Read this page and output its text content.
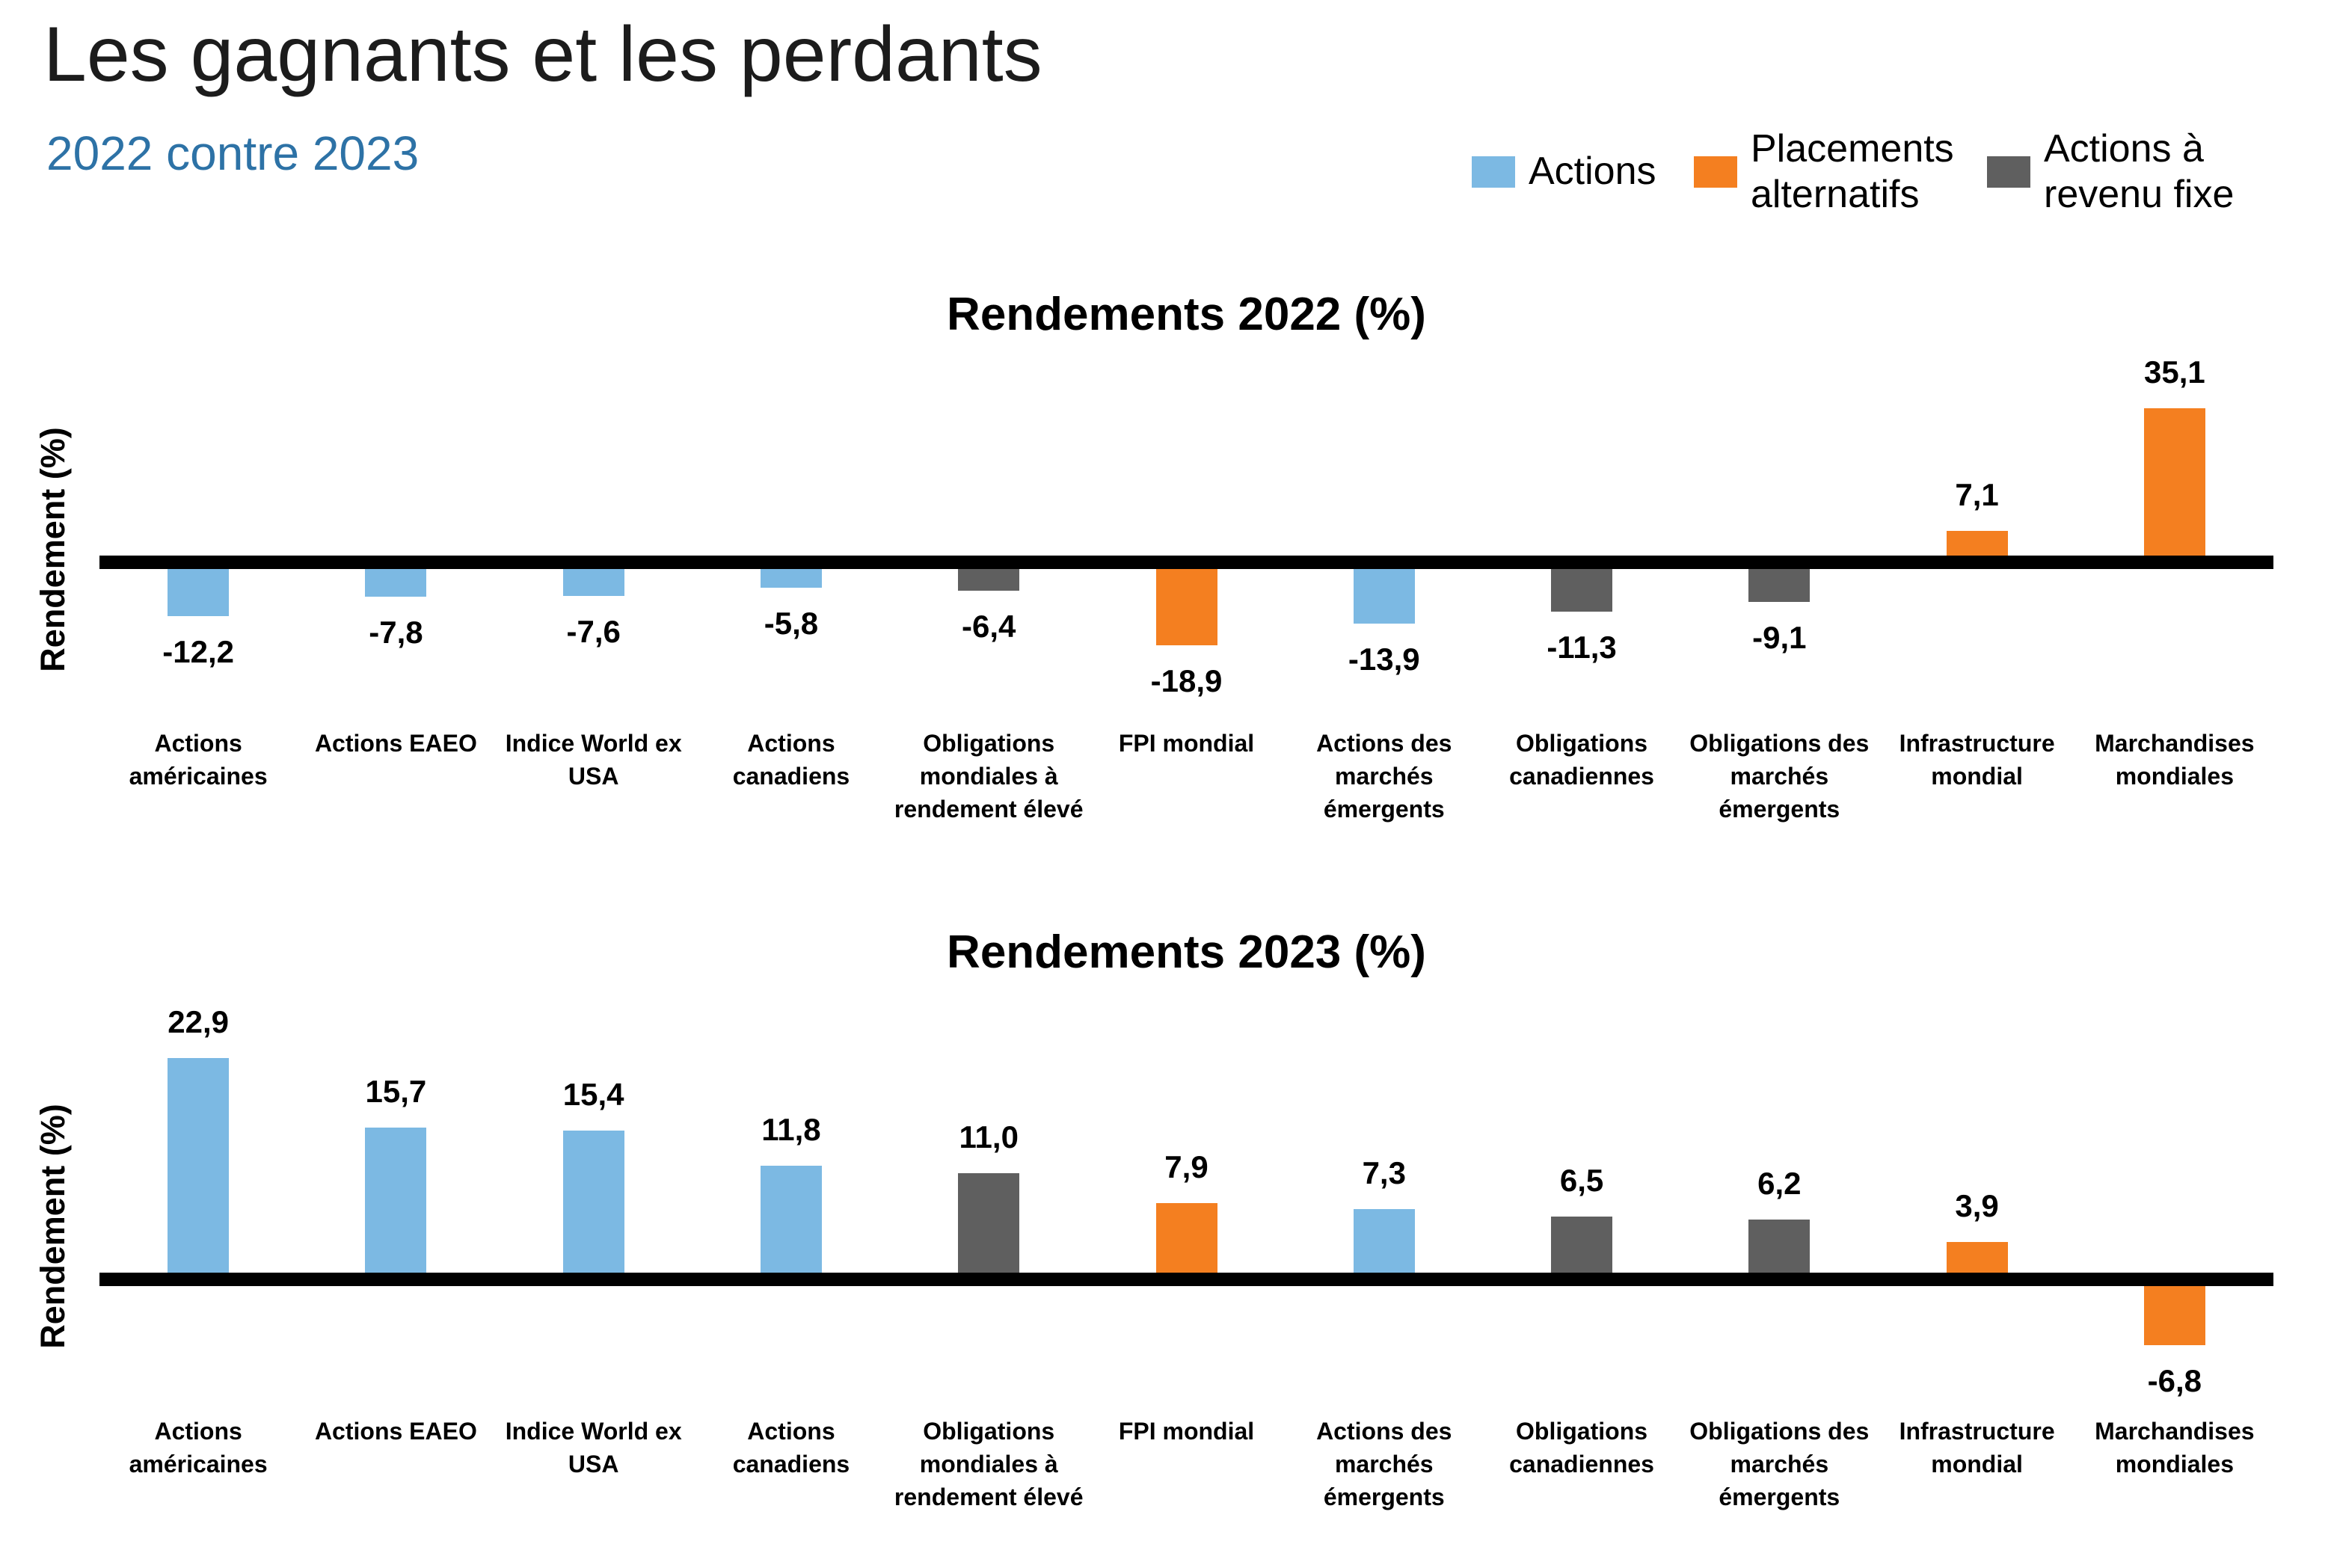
Les gagnants et les perdants
2022 contre 2023	Actions
Placements alternatifs
Actions à revenu fixe
Rendements 2022 (%)
Rendement (%)	-12,2
Actions américaines
-7,8
Actions EAEO
-7,6
Indice World ex USA
-5,8
Actions canadiens
-6,4
Obligations mondiales à rendement élevé
-18,9
FPI mondial
-13,9
Actions des marchés émergents
-11,3
Obligations canadiennes
-9,1
Obligations des marchés émergents
7,1
Infrastructure mondial
35,1
Marchandises mondiales
Rendements 2023 (%)
Rendement (%)
22,9
Actions américaines
15,7
Actions EAEO
15,4
Indice World ex USA
11,8
Actions canadiens
11,0
Obligations mondiales à rendement élevé
7,9
FPI mondial
7,3
Actions des marchés émergents
6,5
Obligations canadiennes
6,2
Obligations des marchés émergents
3,9
Infrastructure mondial
-6,8
Marchandises mondiales
